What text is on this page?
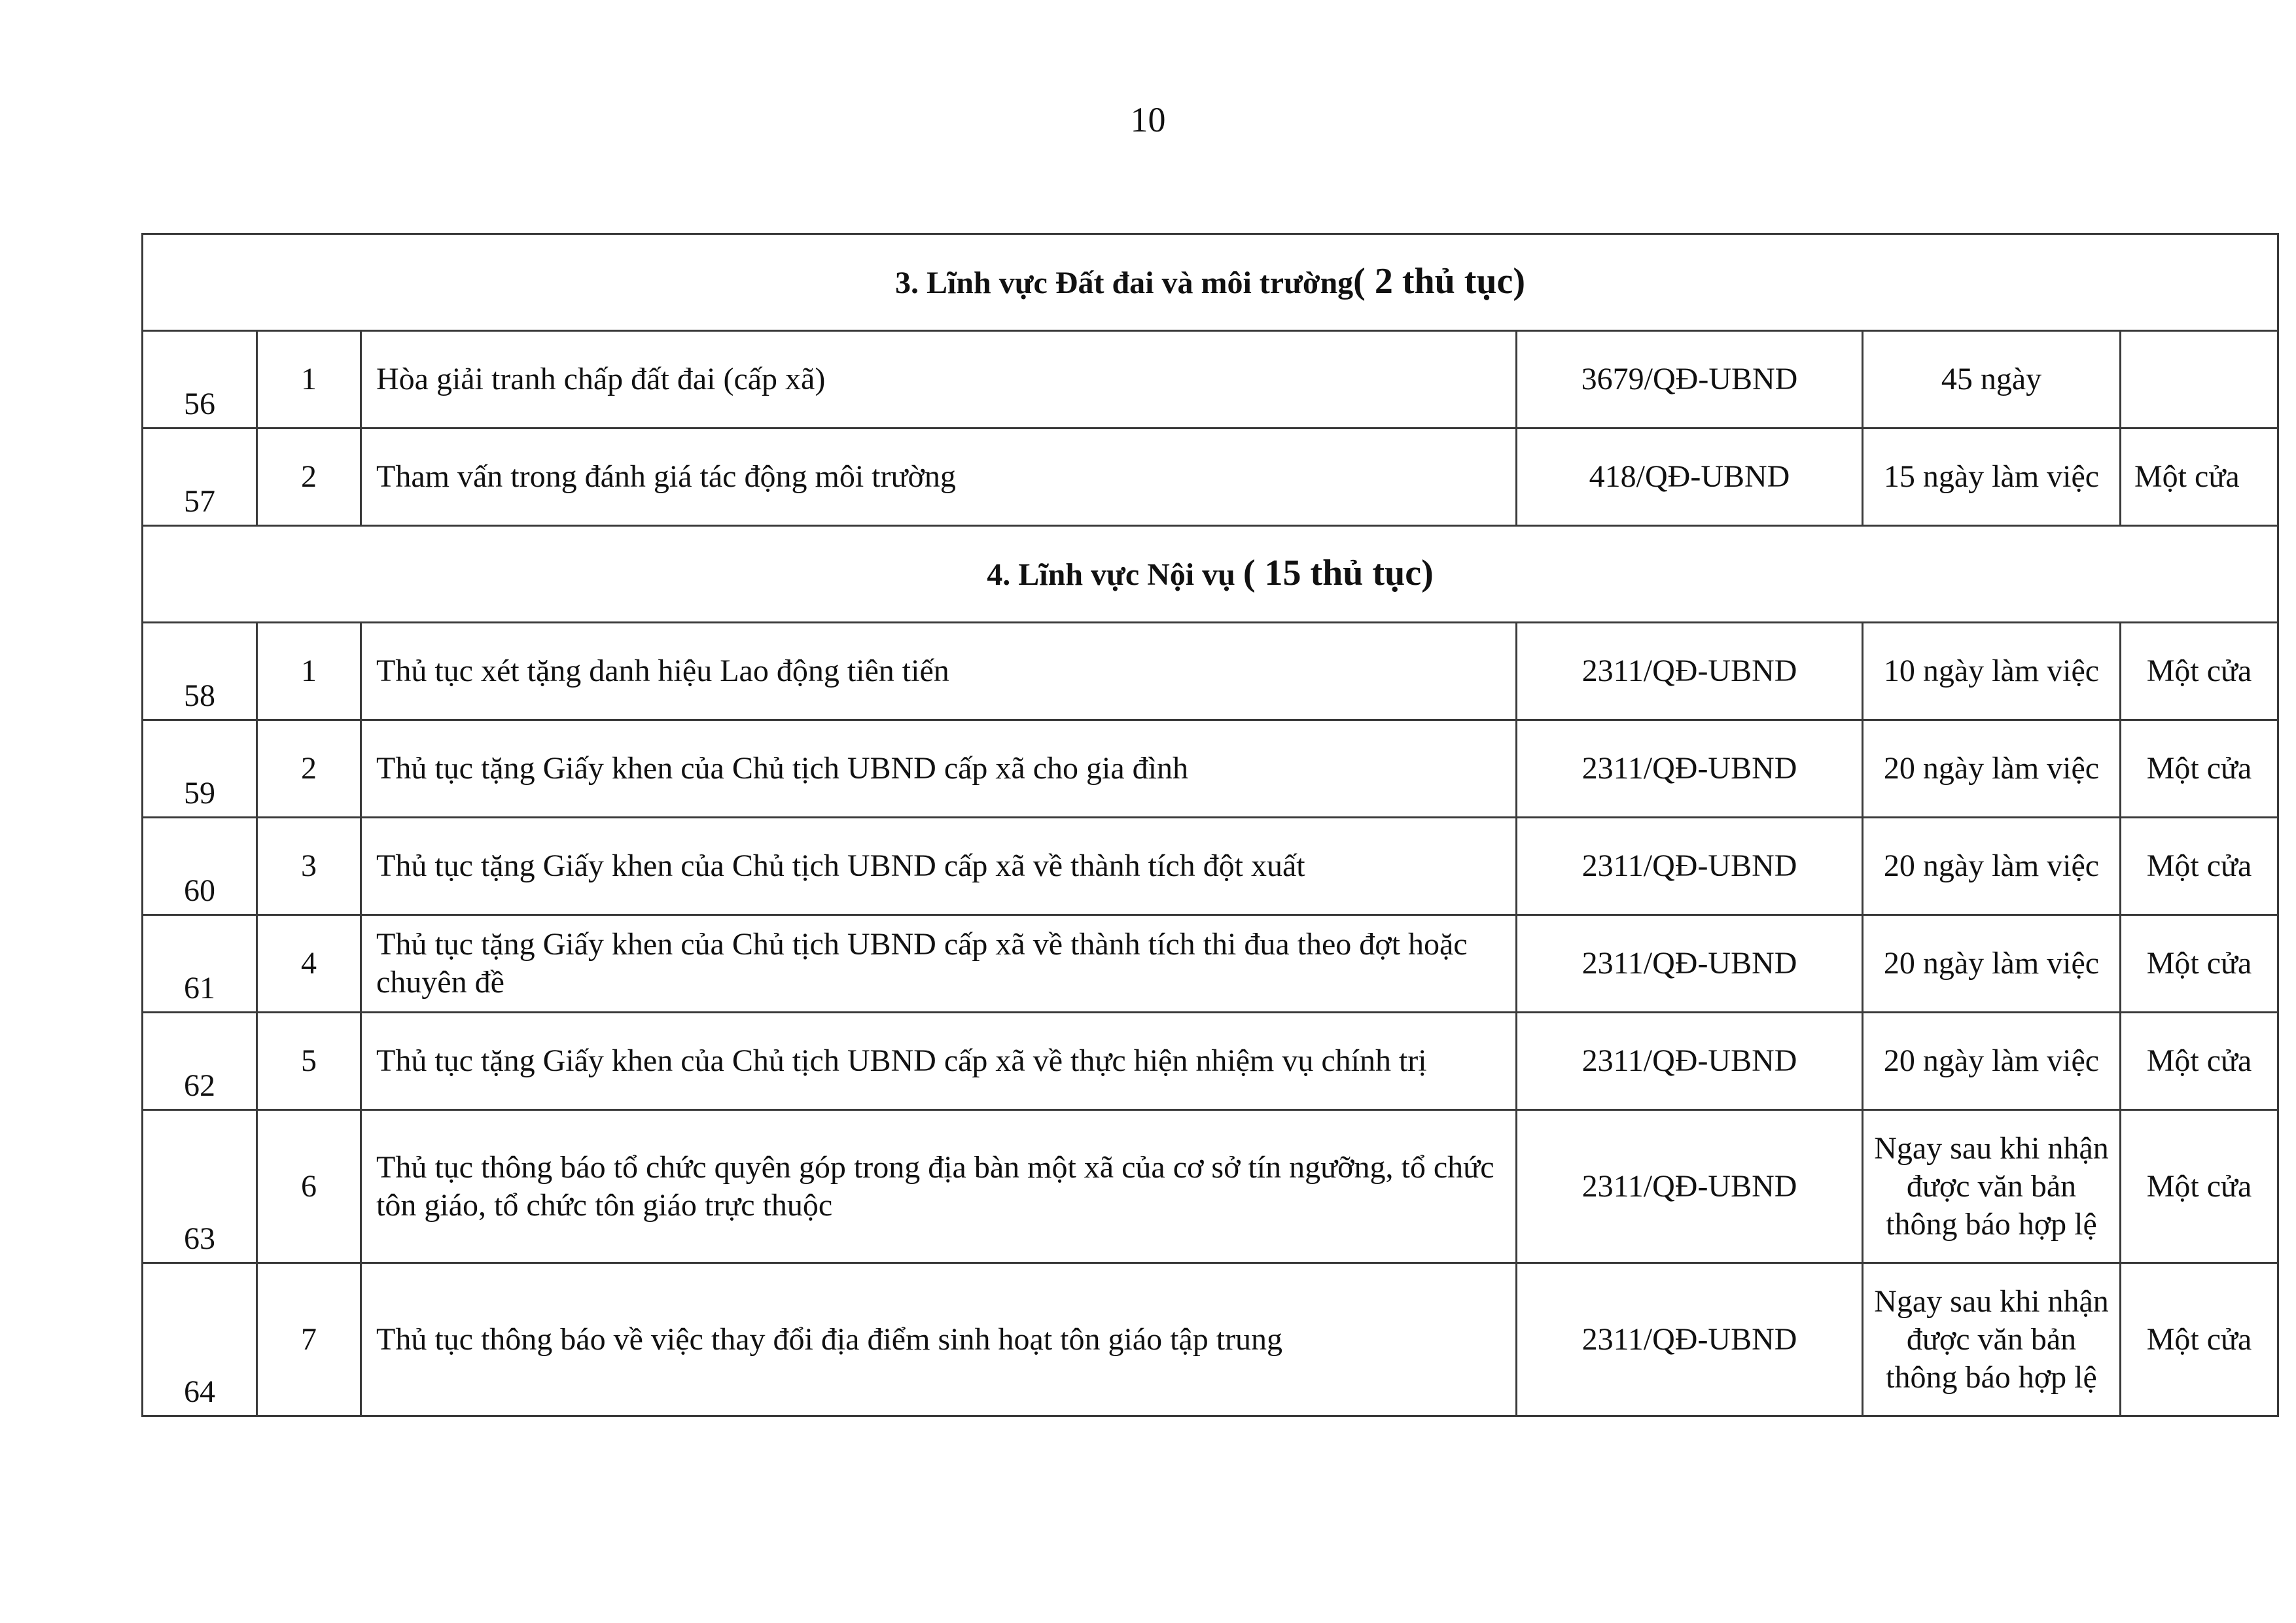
10
3. Lĩnh vực Đất đai và môi trường( 2 thủ tục)					
56	1	Hòa giải tranh chấp đất đai (cấp xã)	3679/QĐ-UBND	45 ngày	
57	2	Tham vấn trong đánh giá tác động môi trường	418/QĐ-UBND	15 ngày làm việc	Một cửa
4. Lĩnh vực Nội vụ ( 15 thủ tục)					
58	1	Thủ tục xét tặng danh hiệu Lao động tiên tiến	2311/QĐ-UBND	10 ngày làm việc	Một cửa
59	2	Thủ tục tặng Giấy khen của Chủ tịch UBND cấp xã cho gia đình	2311/QĐ-UBND	20 ngày làm việc	Một cửa
60	3	Thủ tục tặng Giấy khen của Chủ tịch UBND cấp xã về thành tích đột xuất	2311/QĐ-UBND	20 ngày làm việc	Một cửa
61	4	Thủ tục tặng Giấy khen của Chủ tịch UBND cấp xã về thành tích thi đua theo đợt hoặc chuyên đề	2311/QĐ-UBND	20 ngày làm việc	Một cửa
62	5	Thủ tục tặng Giấy khen của Chủ tịch UBND cấp xã về thực hiện nhiệm vụ chính trị	2311/QĐ-UBND	20 ngày làm việc	Một cửa
63	6	Thủ tục thông báo tổ chức quyên góp trong địa bàn một xã của cơ sở tín ngưỡng, tổ chức tôn giáo, tổ chức tôn giáo trực thuộc	2311/QĐ-UBND	Ngay sau khi nhận được văn bản thông báo hợp lệ	Một cửa
64	7	Thủ tục thông báo về việc thay đổi địa điểm sinh hoạt tôn giáo tập trung	2311/QĐ-UBND	Ngay sau khi nhận được văn bản thông báo hợp lệ	Một cửa
